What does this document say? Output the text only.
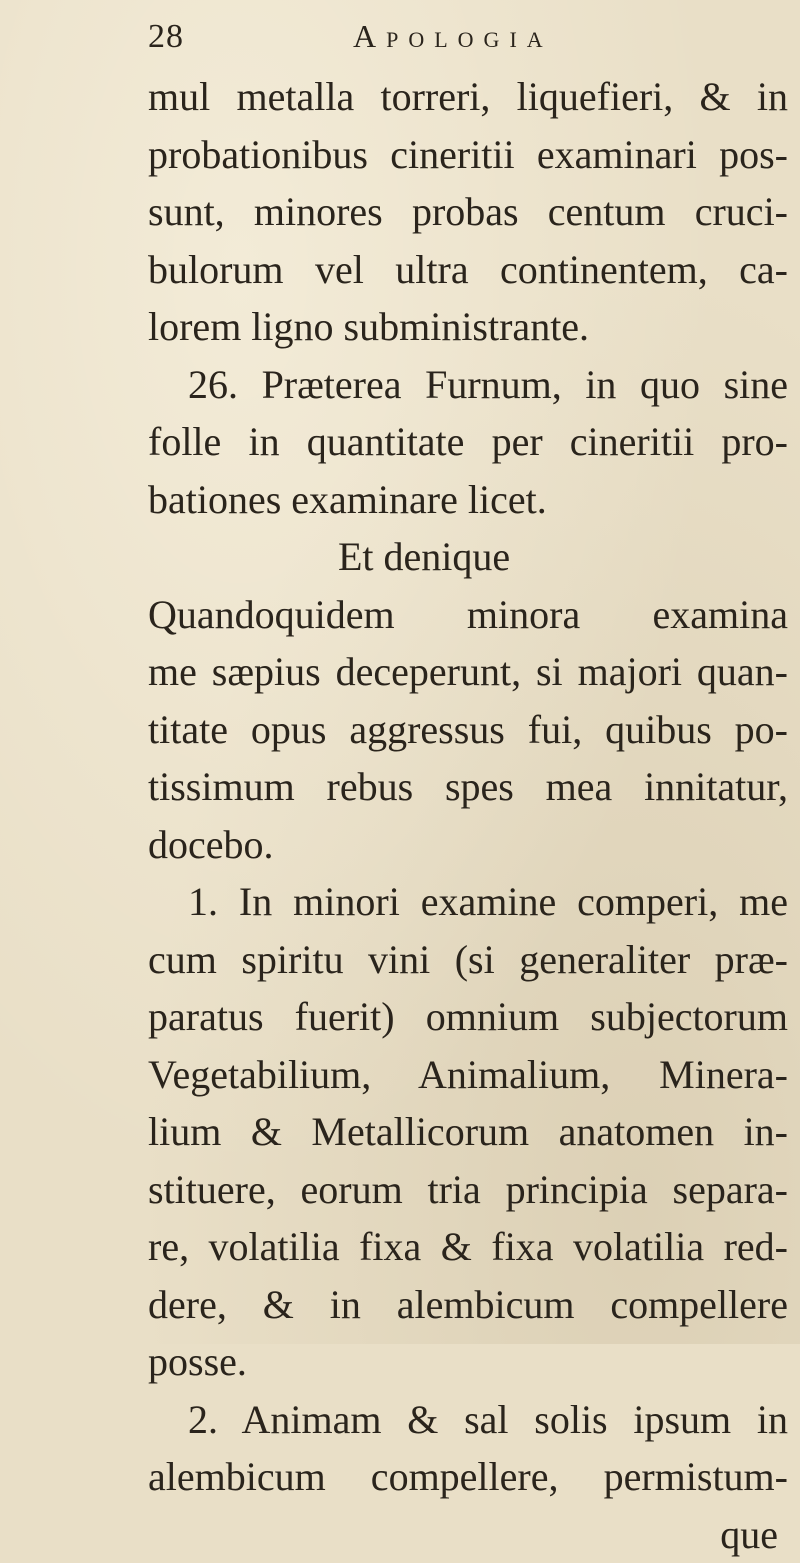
28	Apologia
mul metalla torreri, liquefieri, & in
probationibus cineritii examinari pos-
sunt, minores probas centum cruci-
bulorum vel ultra continentem, ca-
lorem ligno subministrante.
26. Præterea Furnum, in quo sine
folle in quantitate per cineritii pro-
bationes examinare licet.
Et denique
Quandoquidem minora examina
me sæpius deceperunt, si majori quan-
titate opus aggressus fui, quibus po-
tissimum rebus spes mea innitatur,
docebo.
1. In minori examine comperi, me
cum spiritu vini (si generaliter præ-
paratus fuerit) omnium subjectorum
Vegetabilium, Animalium, Minera-
lium & Metallicorum anatomen in-
stituere, eorum tria principia separa-
re, volatilia fixa & fixa volatilia red-
dere, & in alembicum compellere
posse.
2. Animam & sal solis ipsum in
alembicum compellere, permistum-
que
